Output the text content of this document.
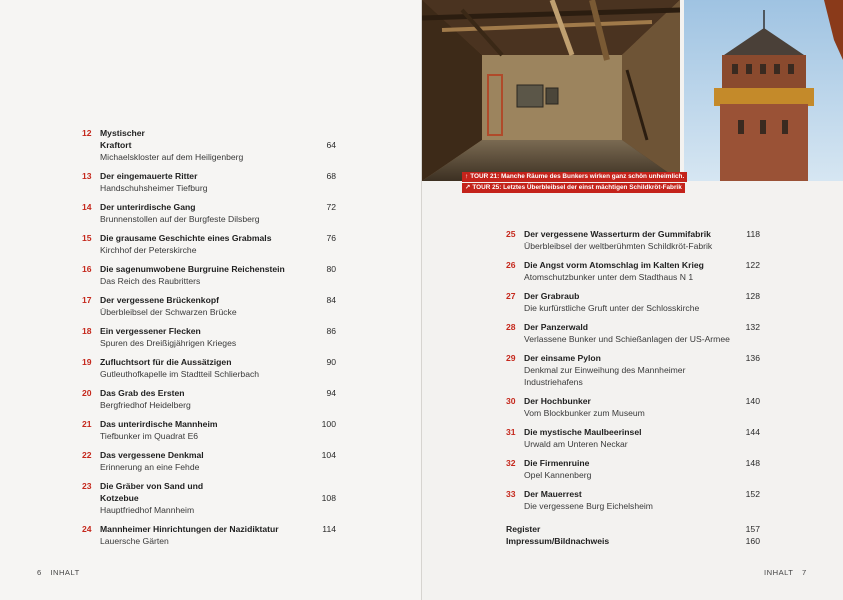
12 Mystischer
Kraftort	64
Michaelskloster auf dem Heiligenberg
13 Der eingemauerte Ritter	68
Handschuhsheimer Tiefburg
14 Der unterirdische Gang	72
Brunnenstollen auf der Burgfeste Dilsberg
15 Die grausame Geschichte eines Grabmals	76
Kirchhof der Peterskirche
16 Die sagenumwobene Burgruine Reichenstein	80
Das Reich des Raubritters
17 Der vergessene Brückenkopf	84
Überbleibsel der Schwarzen Brücke
18 Ein vergessener Flecken	86
Spuren des Dreißigjährigen Krieges
19 Zufluchtsort für die Aussätzigen	90
Gutleuthofkapelle im Stadtteil Schlierbach
20 Das Grab des Ersten	94
Bergfriedhof Heidelberg
21 Das unterirdische Mannheim	100
Tiefbunker im Quadrat E6
22 Das vergessene Denkmal	104
Erinnerung an eine Fehde
23 Die Gräber von Sand und
Kotzebue	108
Hauptfriedhof Mannheim
24 Mannheimer Hinrichtungen der Nazidiktatur	114
Lauersche Gärten
6 INHALT
↑ TOUR 21: Manche Räume des Bunkers wirken ganz schön unheimlich.
↗ TOUR 25: Letztes Überbleibsel der einst mächtigen Schildkröt-Fabrik
25 Der vergessene Wasserturm der Gummifabrik	118
Überbleibsel der weltberühmten Schildkröt-Fabrik
26 Die Angst vorm Atomschlag im Kalten Krieg	122
Atomschutzbunker unter dem Stadthaus N 1
27 Der Grabraub	128
Die kurfürstliche Gruft unter der Schlosskirche
28 Der Panzerwald	132
Verlassene Bunker und Schießanlagen der US-Armee
29 Der einsame Pylon	136
Denkmal zur Einweihung des Mannheimer
Industriehafens
30 Der Hochbunker	140
Vom Blockbunker zum Museum
31 Die mystische Maulbeerinsel	144
Urwald am Unteren Neckar
32 Die Firmenruine	148
Opel Kannenberg
33 Der Mauerrest	152
Die vergessene Burg Eichelsheim
Register	157
Impressum/Bildnachweis	160
INHALT 7
